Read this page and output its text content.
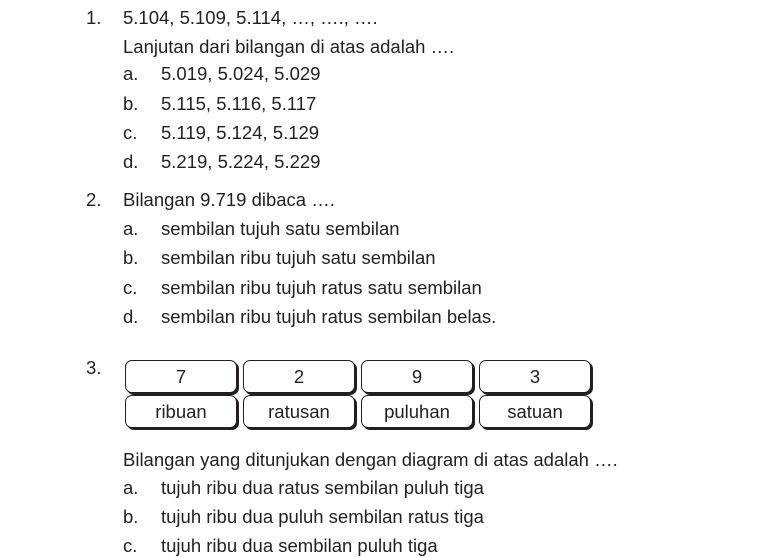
1. 5.104, 5.109, 5.114, …, …., ….
Lanjutan dari bilangan di atas adalah ….
a. 5.019, 5.024, 5.029
b. 5.115, 5.116, 5.117
c. 5.119, 5.124, 5.129
d. 5.219, 5.224, 5.229
2. Bilangan 9.719 dibaca ….
a. sembilan tujuh satu sembilan
b. sembilan ribu tujuh satu sembilan
c. sembilan ribu tujuh ratus satu sembilan
d. sembilan ribu tujuh ratus sembilan belas.
3.	7	2	9	3
ribuan	ratusan	puluhan	satuan
Bilangan yang ditunjukan dengan diagram di atas adalah ….
a. tujuh ribu dua ratus sembilan puluh tiga
b. tujuh ribu dua puluh sembilan ratus tiga
c. tujuh ribu dua sembilan puluh tiga
